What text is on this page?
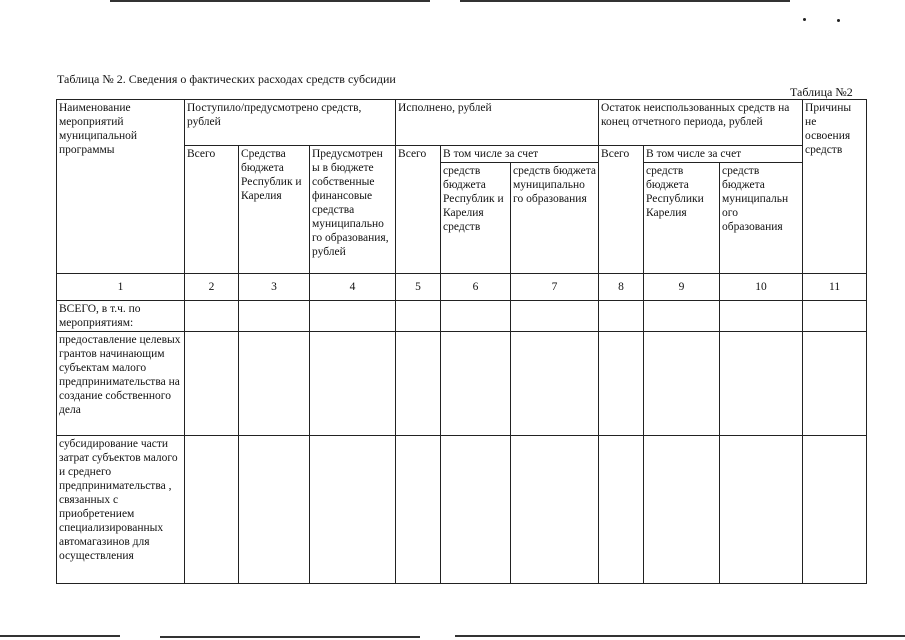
Таблица № 2. Сведения о фактических расходах средств субсидии
Таблица №2
Наименование мероприятий муниципальной программы	Поступило/предусмотрено средств, рублей			Исполнено, рублей			Остаток неиспользованных средств на конец отчетного периода, рублей			Причины не освоения средств
	Всего	Средства бюджета Республик и Карелия	Предусмотрен ы в бюджете собственные финансовые средства муниципально го образования, рублей	Всего	В том числе за счет		Всего	В том числе за счет		
					средств бюджета Республик и Карелия средств	средств бюджета муниципально го образования		средств бюджета Республики Карелия	средств бюджета муниципальн ого образования	
1	2	3	4	5	6	7	8	9	10	11
ВСЕГО, в т.ч. по мероприятиям:										
предоставление целевых грантов начинающим субъектам малого предпринимательства на создание собственного дела										
субсидирование части затрат субъектов малого и среднего предпринимательства , связанных с приобретением специализированных автомагазинов для осуществления										
